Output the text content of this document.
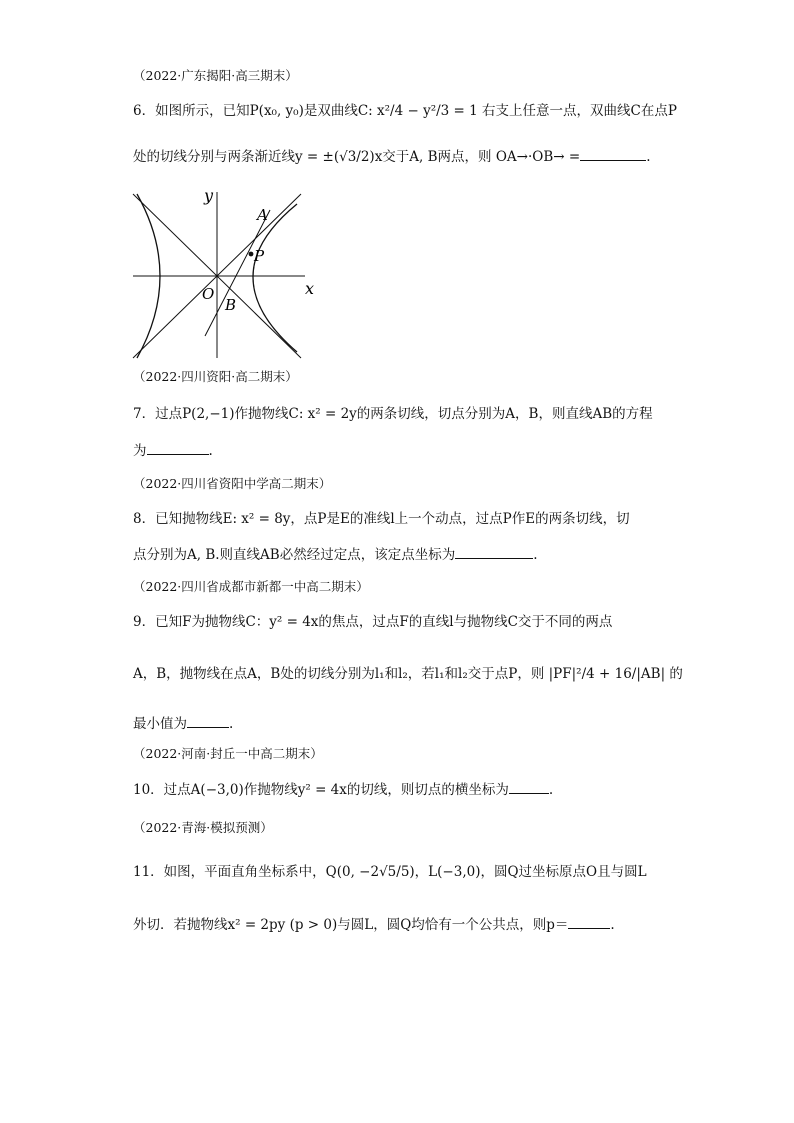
（2022·广东揭阳·高三期末）
6．如图所示，已知P(x₀, y₀)是双曲线C: x²/4 − y²/3 = 1 右支上任意一点，双曲线C在点P
处的切线分别与两条渐近线y = ±(√3/2)x交于A, B两点，则 OA→·OB→ =	.
y
x
O
A
B
P
（2022·四川资阳·高二期末）
7．过点P(2,−1)作抛物线C: x² = 2y的两条切线，切点分别为A，B，则直线AB的方程
为	.
（2022·四川省资阳中学高二期末）
8．已知抛物线E: x² = 8y，点P是E的准线l上一个动点，过点P作E的两条切线，切
点分别为A, B.则直线AB必然经过定点，该定点坐标为	.
（2022·四川省成都市新都一中高二期末）
9．已知F为抛物线C：y² = 4x的焦点，过点F的直线l与抛物线C交于不同的两点
A，B，抛物线在点A，B处的切线分别为l₁和l₂，若l₁和l₂交于点P，则 |PF|²/4 + 16/|AB| 的
最小值为	.
（2022·河南·封丘一中高二期末）
10．过点A(−3,0)作抛物线y² = 4x的切线，则切点的横坐标为	.
（2022·青海·模拟预测）
11．如图，平面直角坐标系中，Q(0, −2√5/5)，L(−3,0)，圆Q过坐标原点O且与圆L
外切．若抛物线x² = 2py (p > 0)与圆L，圆Q均恰有一个公共点，则p＝	.
